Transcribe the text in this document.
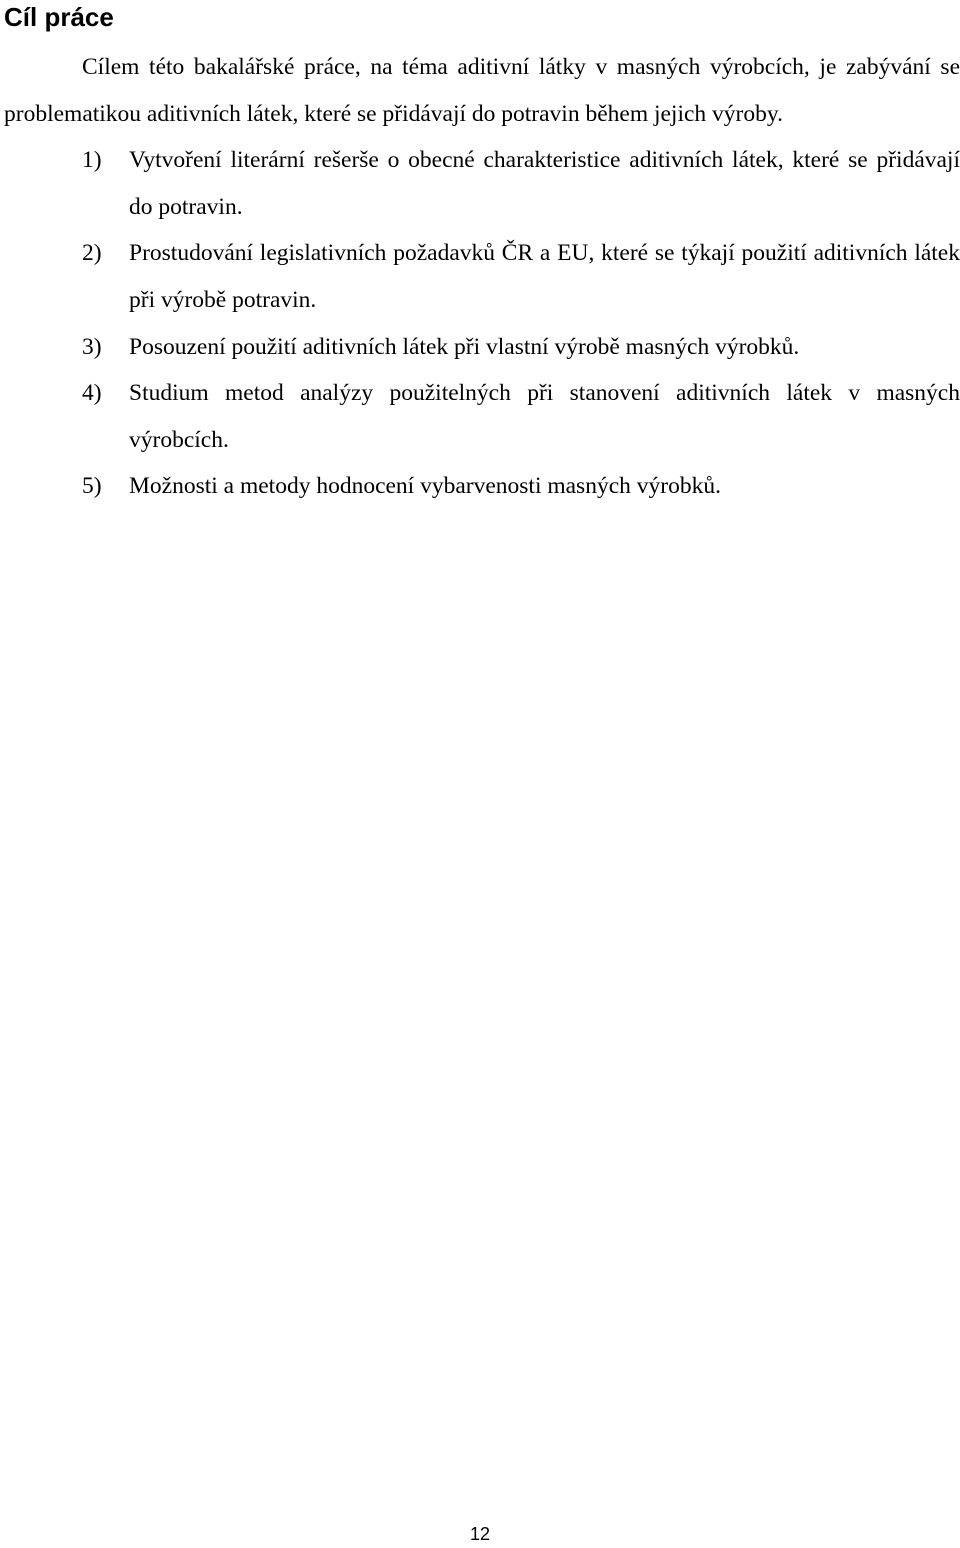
Cíl práce

Cílem této bakalářské práce, na téma aditivní látky v masných výrobcích, je zabývání se problematikou aditivních látek, které se přidávají do potravin během jejich výroby.

1) Vytvoření literární rešerše o obecné charakteristice aditivních látek, které se přidávají do potravin.
2) Prostudování legislativních požadavků ČR a EU, které se týkají použití aditivních látek při výrobě potravin.
3) Posouzení použití aditivních látek při vlastní výrobě masných výrobků.
4) Studium metod analýzy použitelných při stanovení aditivních látek v masných výrobcích.
5) Možnosti a metody hodnocení vybarvenosti masných výrobků.

12
